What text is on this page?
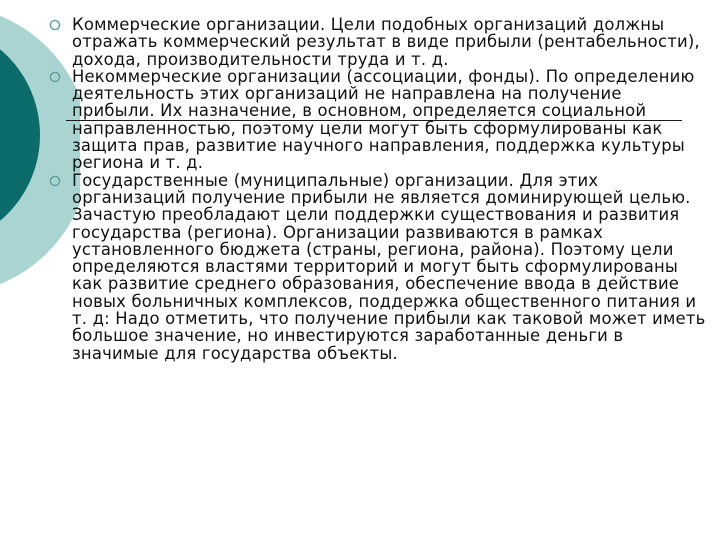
Коммерческие организации. Цели подобных организаций должны отражать коммерческий результат в виде прибыли (рентабельности), дохода, производительности труда и т. д.
Некоммерческие организации (ассоциации, фонды). По определению деятельность этих организаций не направлена на получение прибыли. Их назначение, в основном, определяется социальной направленностью, поэтому цели могут быть сформулированы как защита прав, развитие научного направления, поддержка культуры региона и т. д.
Государственные (муниципальные) организации. Для этих организаций получение прибыли не является доминирующей целью. Зачастую преобладают цели поддержки существования и развития государства (региона). Организации развиваются в рамках установленного бюджета (страны, региона, района). Поэтому цели определяются властями территорий и могут быть сформулированы как развитие среднего образования, обеспечение ввода в действие новых больничных комплексов, поддержка общественного питания и т. д: Надо отметить, что получение прибыли как таковой может иметь большое значение, но инвестируются заработанные деньги в значимые для государства объекты.
